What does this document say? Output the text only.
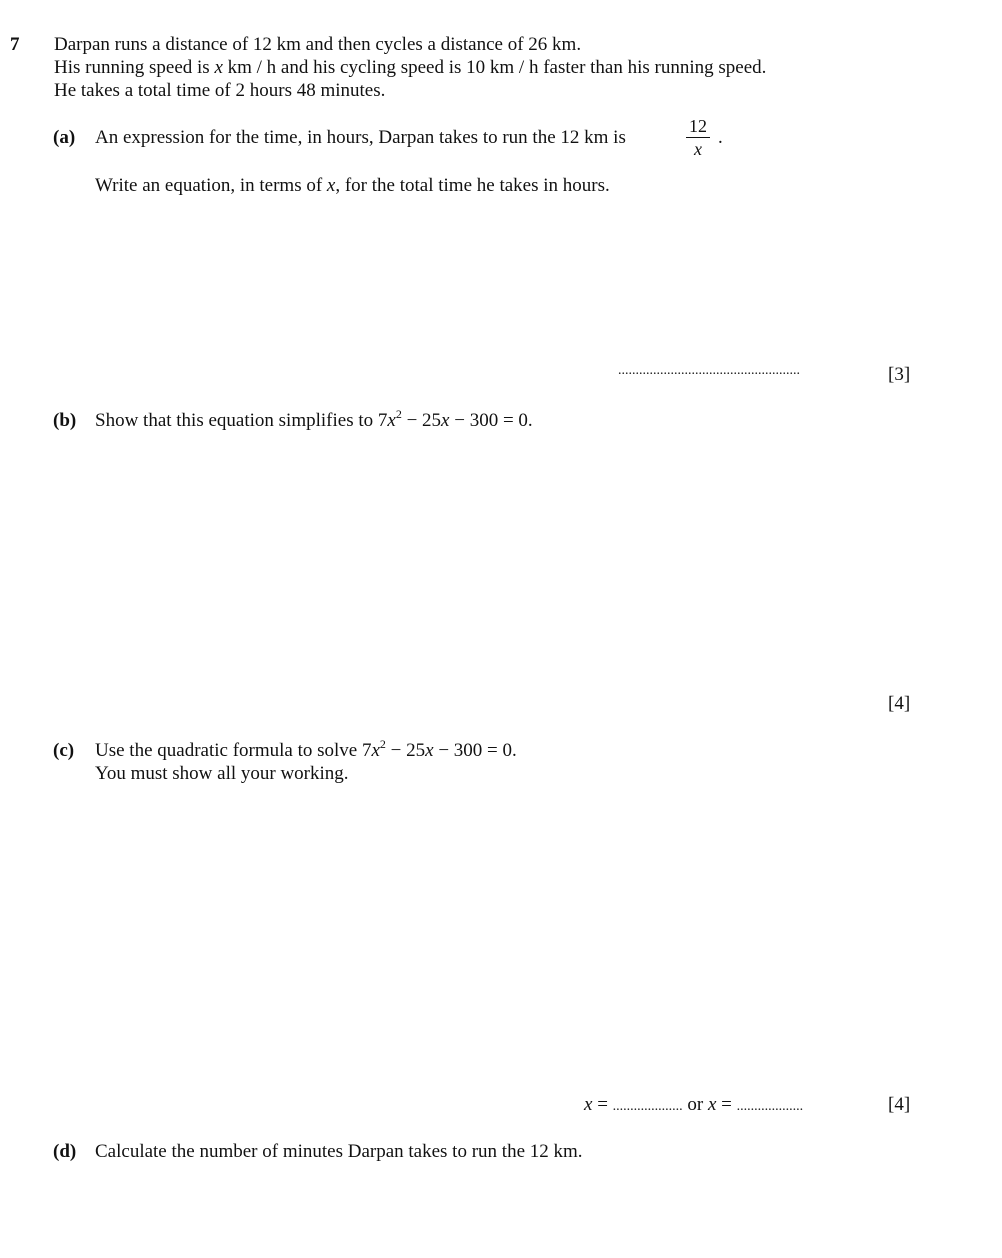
7 Darpan runs a distance of 12 km and then cycles a distance of 26 km.
His running speed is x km / h and his cycling speed is 10 km / h faster than his running speed.
He takes a total time of 2 hours 48 minutes.
(a) An expression for the time, in hours, Darpan takes to run the 12 km is	$\frac{12}{x}$ .
Write an equation, in terms of x, for the total time he takes in hours.
....................................................	[3]
(b) Show that this equation simplifies to $7x^2 - 25x - 300 = 0$.
[4]
(c) Use the quadratic formula to solve $7x^2 - 25x - 300 = 0$.
You must show all your working.
x = .................... or x = ...................	[4]
(d) Calculate the number of minutes Darpan takes to run the 12 km.
